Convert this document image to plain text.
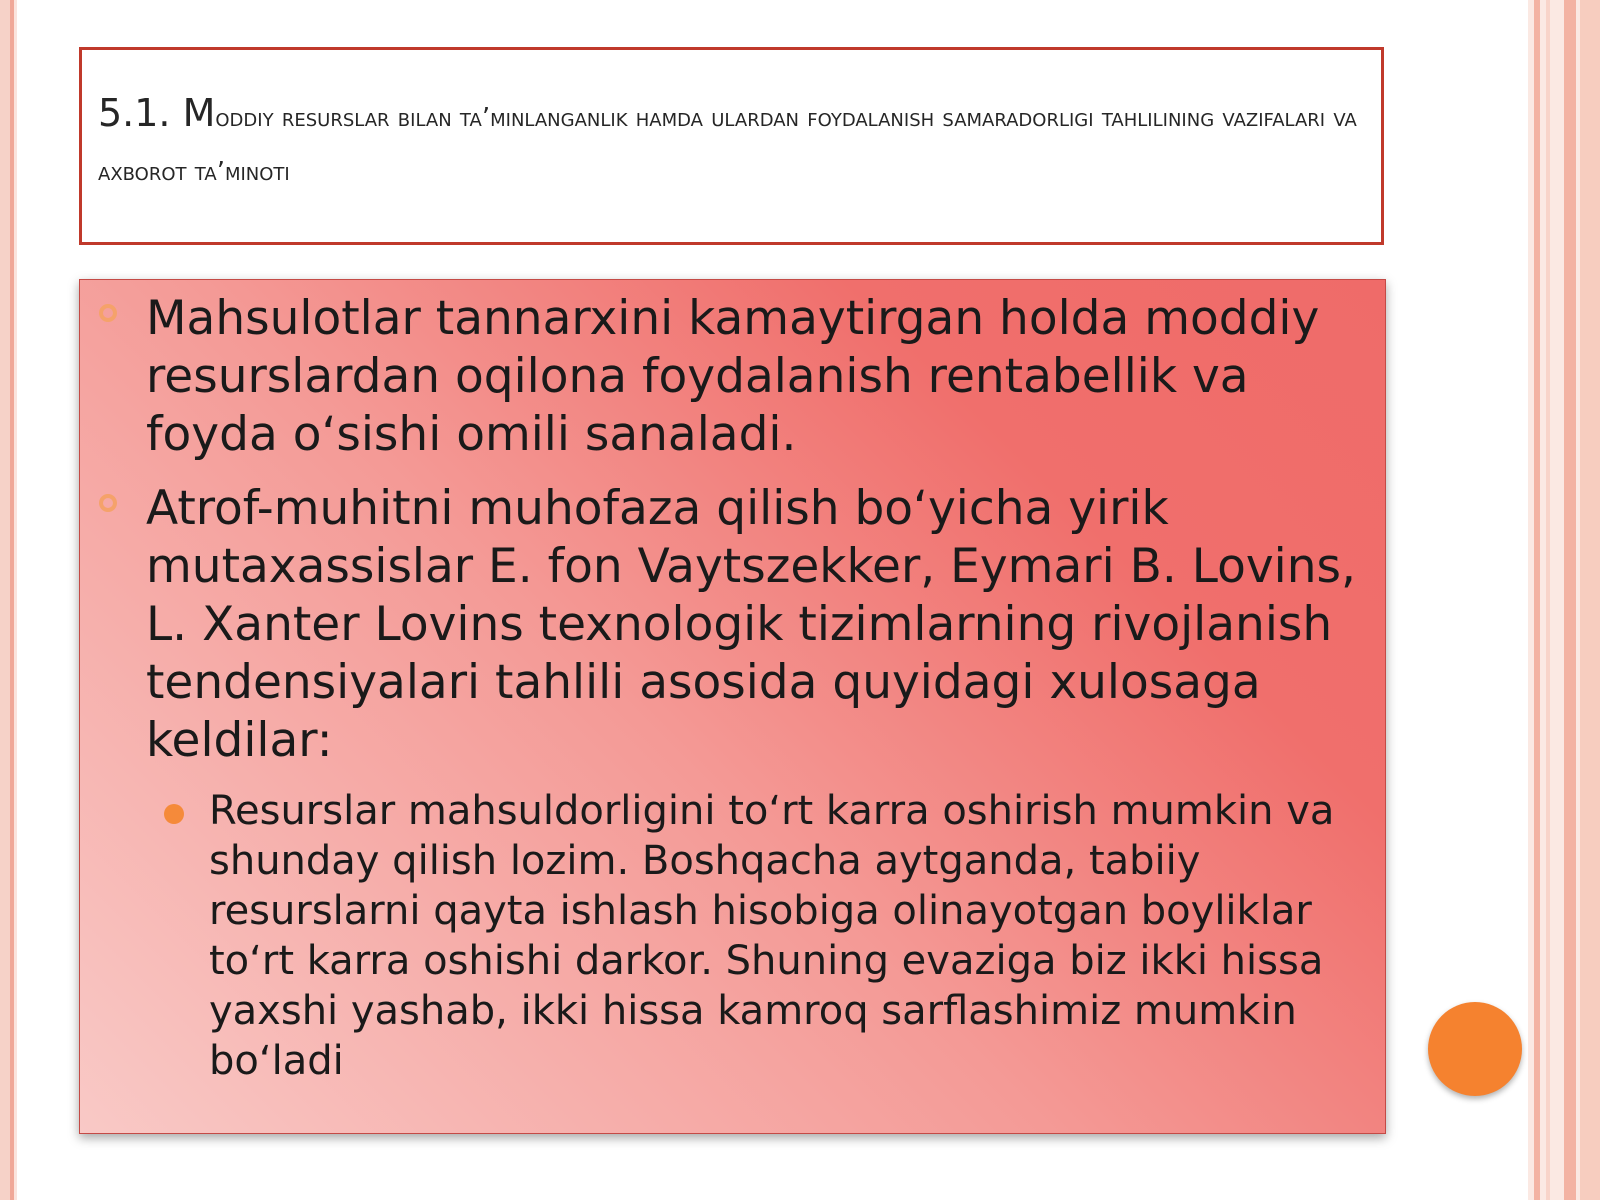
5.1. Moddiy resurslar bilan ta’minlanganlik hamda ulardan foydalanish samaradorligi tahlilining vazifalari va axborot ta’minoti

Mahsulotlar tannarxini kamaytirgan holda moddiy resurslardan oqilona foydalanish rentabellik va foyda o‘sishi omili sanaladi.
Atrof-muhitni muhofaza qilish bo‘yicha yirik mutaxassislar E. fon Vaytszekker, Eymari B. Lovins, L. Xanter Lovins texnologik tizimlarning rivojlanish tendensiyalari tahlili asosida quyidagi xulosaga keldilar:
Resurslar mahsuldorligini to‘rt karra oshirish mumkin va shunday qilish lozim. Boshqacha aytganda, tabiiy resurslarni qayta ishlash hisobiga olinayotgan boyliklar to‘rt karra oshishi darkor. Shuning evaziga biz ikki hissa yaxshi yashab, ikki hissa kamroq sarflashimiz mumkin bo‘ladi
